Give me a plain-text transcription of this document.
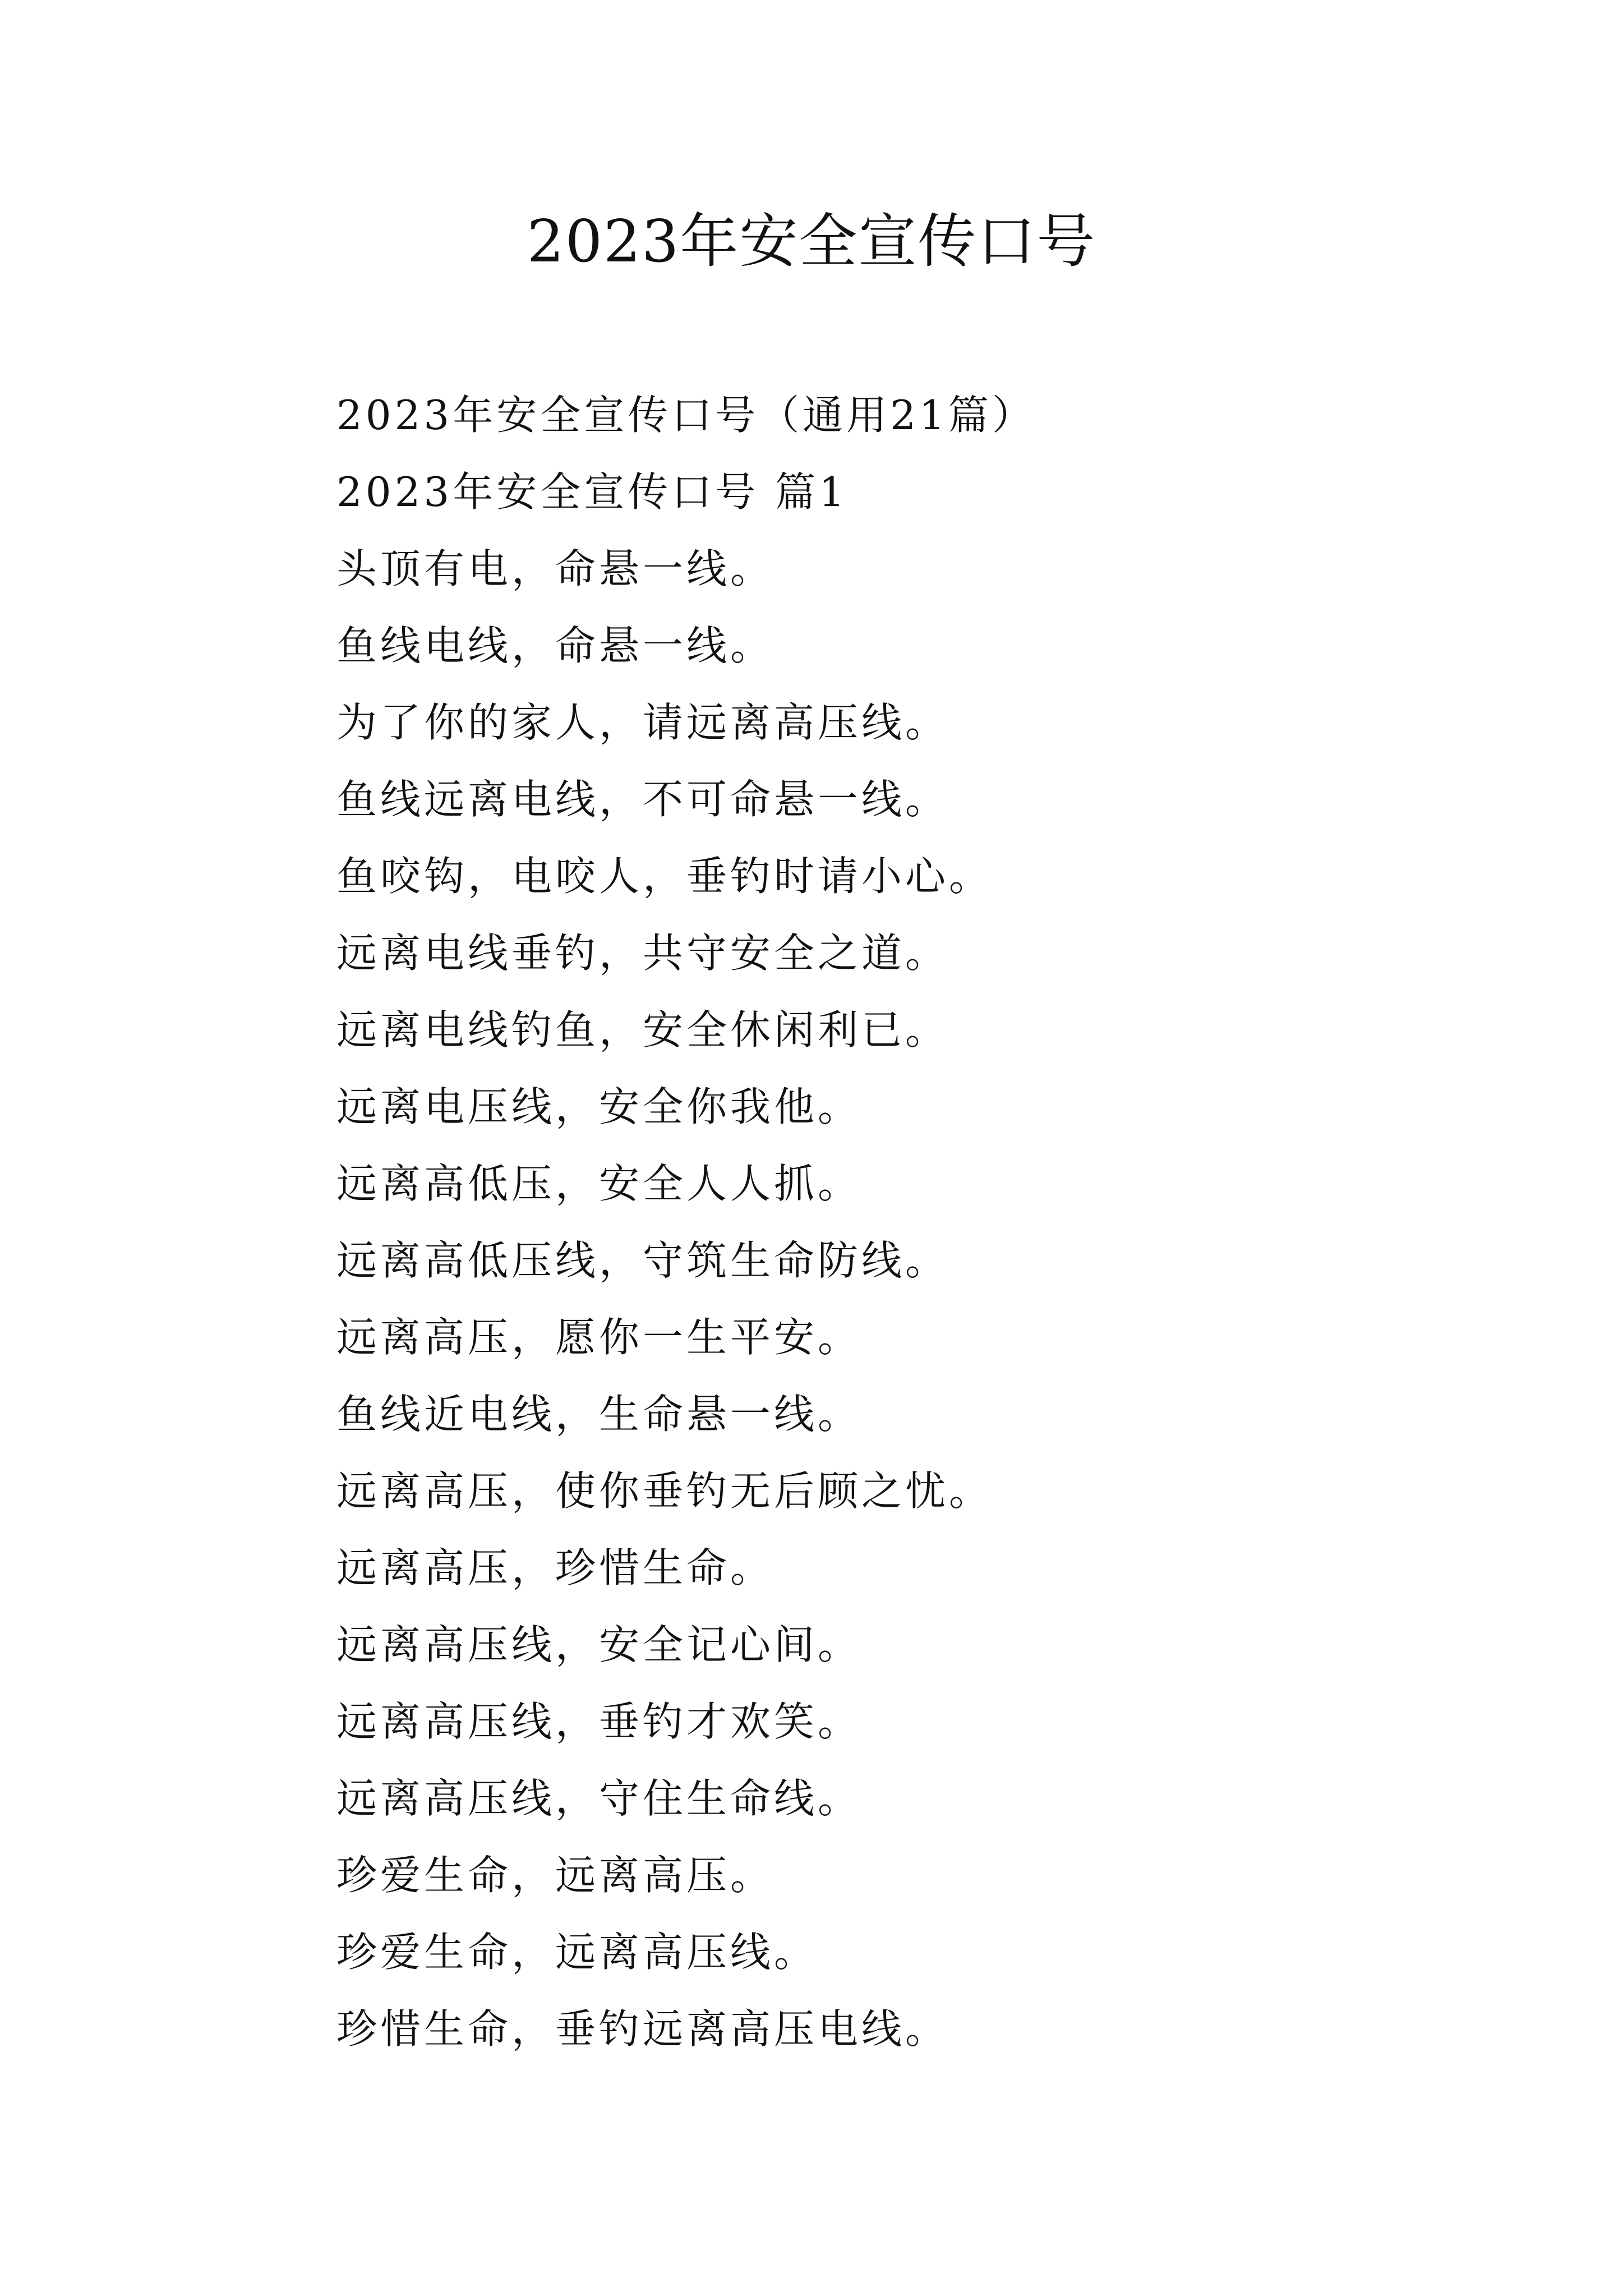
2023年安全宣传口号
2023年安全宣传口号（通用21篇）
2023年安全宣传口号 篇1
头顶有电，命悬一线。
鱼线电线，命悬一线。
为了你的家人，请远离高压线。
鱼线远离电线，不可命悬一线。
鱼咬钩，电咬人，垂钓时请小心。
远离电线垂钓，共守安全之道。
远离电线钓鱼，安全休闲利已。
远离电压线，安全你我他。
远离高低压，安全人人抓。
远离高低压线，守筑生命防线。
远离高压，愿你一生平安。
鱼线近电线，生命悬一线。
远离高压，使你垂钓无后顾之忧。
远离高压，珍惜生命。
远离高压线，安全记心间。
远离高压线，垂钓才欢笑。
远离高压线，守住生命线。
珍爱生命，远离高压。
珍爱生命，远离高压线。
珍惜生命，垂钓远离高压电线。
